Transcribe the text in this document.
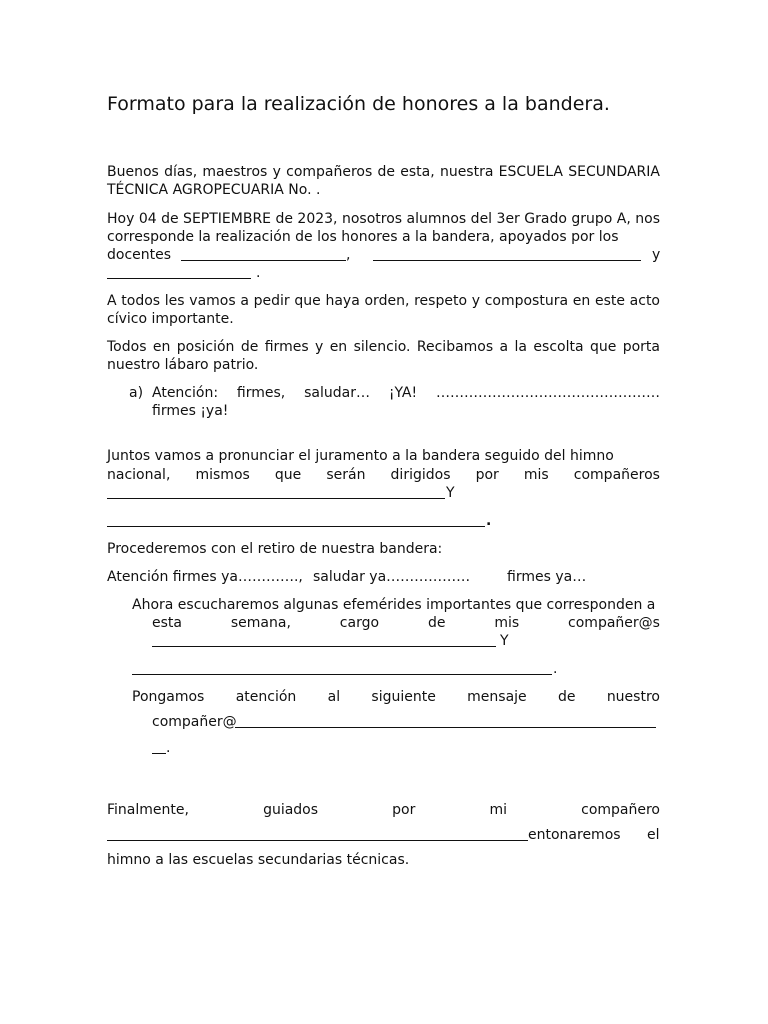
Formato para la realización de honores a la bandera.

Buenos días, maestros y compañeros de esta, nuestra ESCUELA SECUNDARIA TÉCNICA AGROPECUARIA No. .

Hoy 04 de SEPTIEMBRE de 2023, nosotros alumnos del 3er Grado grupo A, nos corresponde la realización de los honores a la bandera, apoyados por los

docentes	,	y
.

A todos les vamos a pedir que haya orden, respeto y compostura en este acto cívico importante.

Todos en posición de firmes y en silencio. Recibamos a la escolta que porta nuestro lábaro patrio.

a) Atención: firmes, saludar… ¡YA! …………………………………………
firmes ¡ya!
Juntos vamos a pronunciar el juramento a la bandera seguido del himno
nacional, mismos que serán dirigidos por mis compañeros
Y
.
Procederemos con el retiro de nuestra bandera:
Atención firmes ya…………., saludar ya………………	firmes ya…
Ahora escucharemos algunas efemérides importantes que corresponden a
esta	semana,	cargo	de	mis	compañer@s
Y
.
Pongamos atención al siguiente mensaje de nuestro
compañer@
.
Finalmente,	guiados	por	mi	compañero
entonaremos el
himno a las escuelas secundarias técnicas.
